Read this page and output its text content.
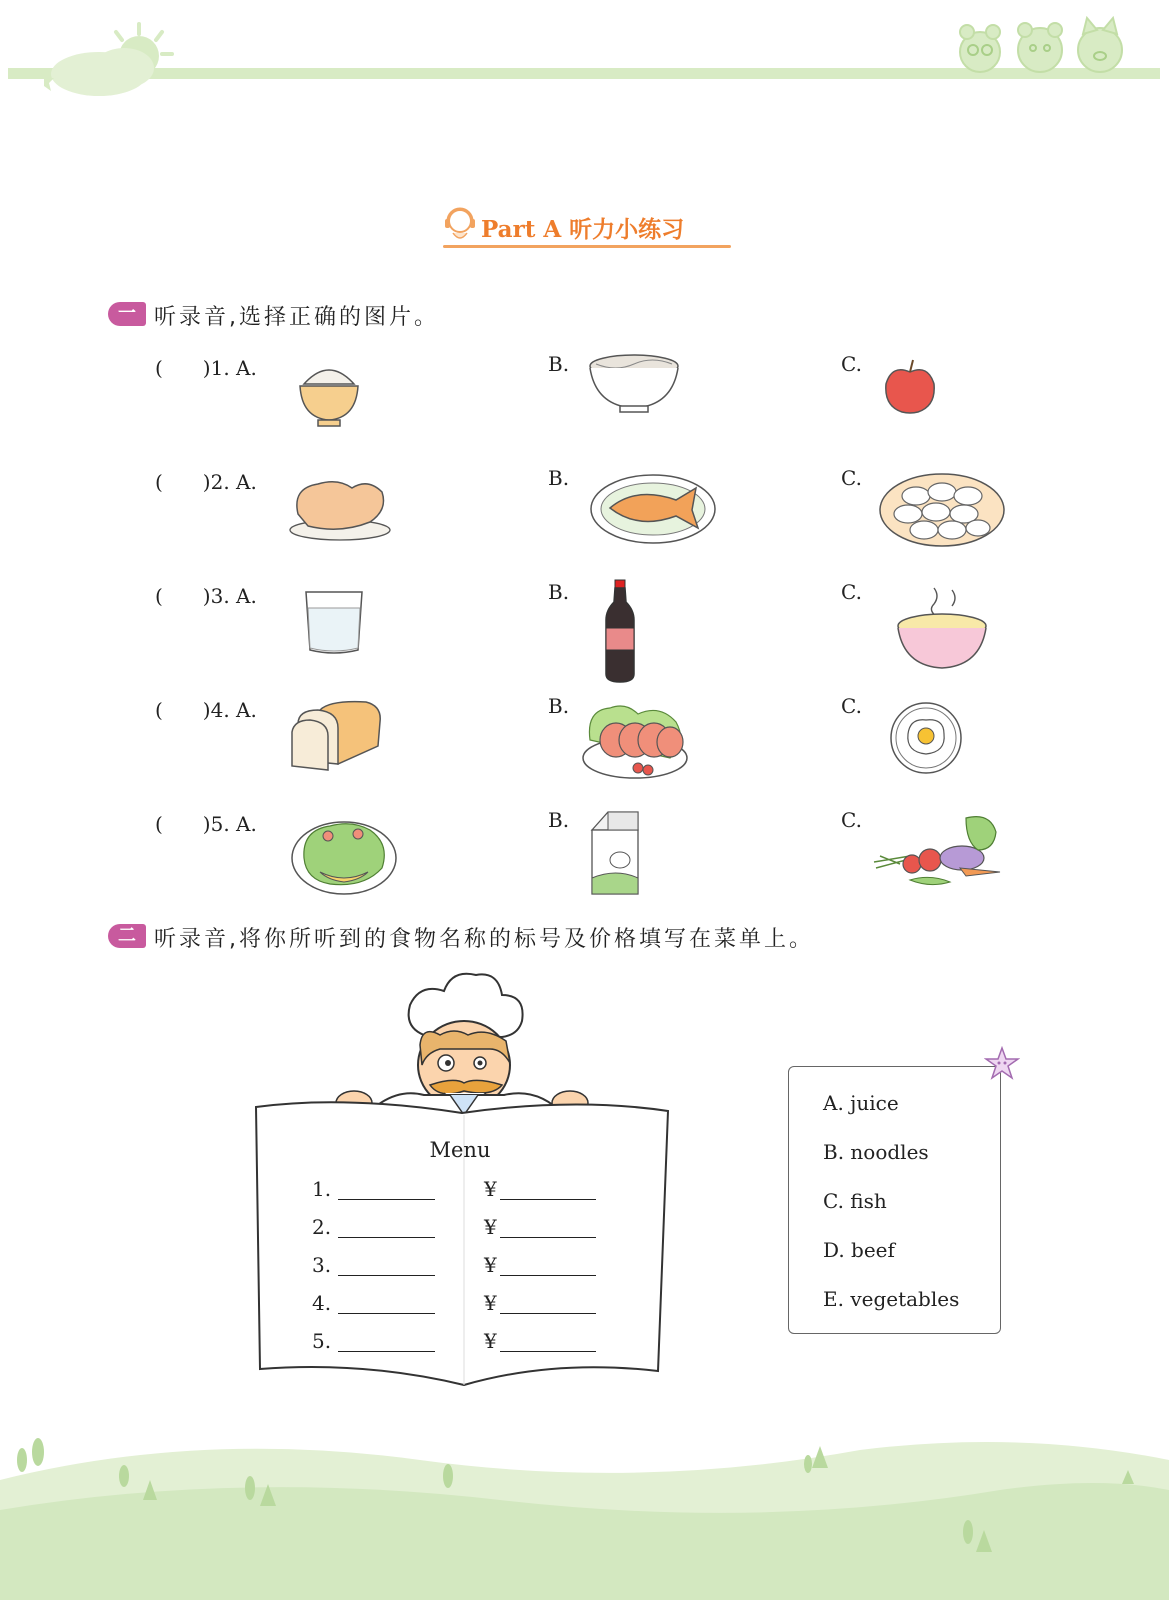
Part A 听力小练习
一 听录音,选择正确的图片。
(　　)1. A.	B.	C.
(　　)2. A.	B.	C.
(　　)3. A.	B.	C.
(　　)4. A.	B.	C.
(　　)5. A.	B.	C.
二 听录音,将你所听到的食物名称的标号及价格填写在菜单上。
Menu
1.	¥
2.	¥
3.	¥
4.	¥
5.	¥
A. juice
B. noodles
C. fish
D. beef
E. vegetables
